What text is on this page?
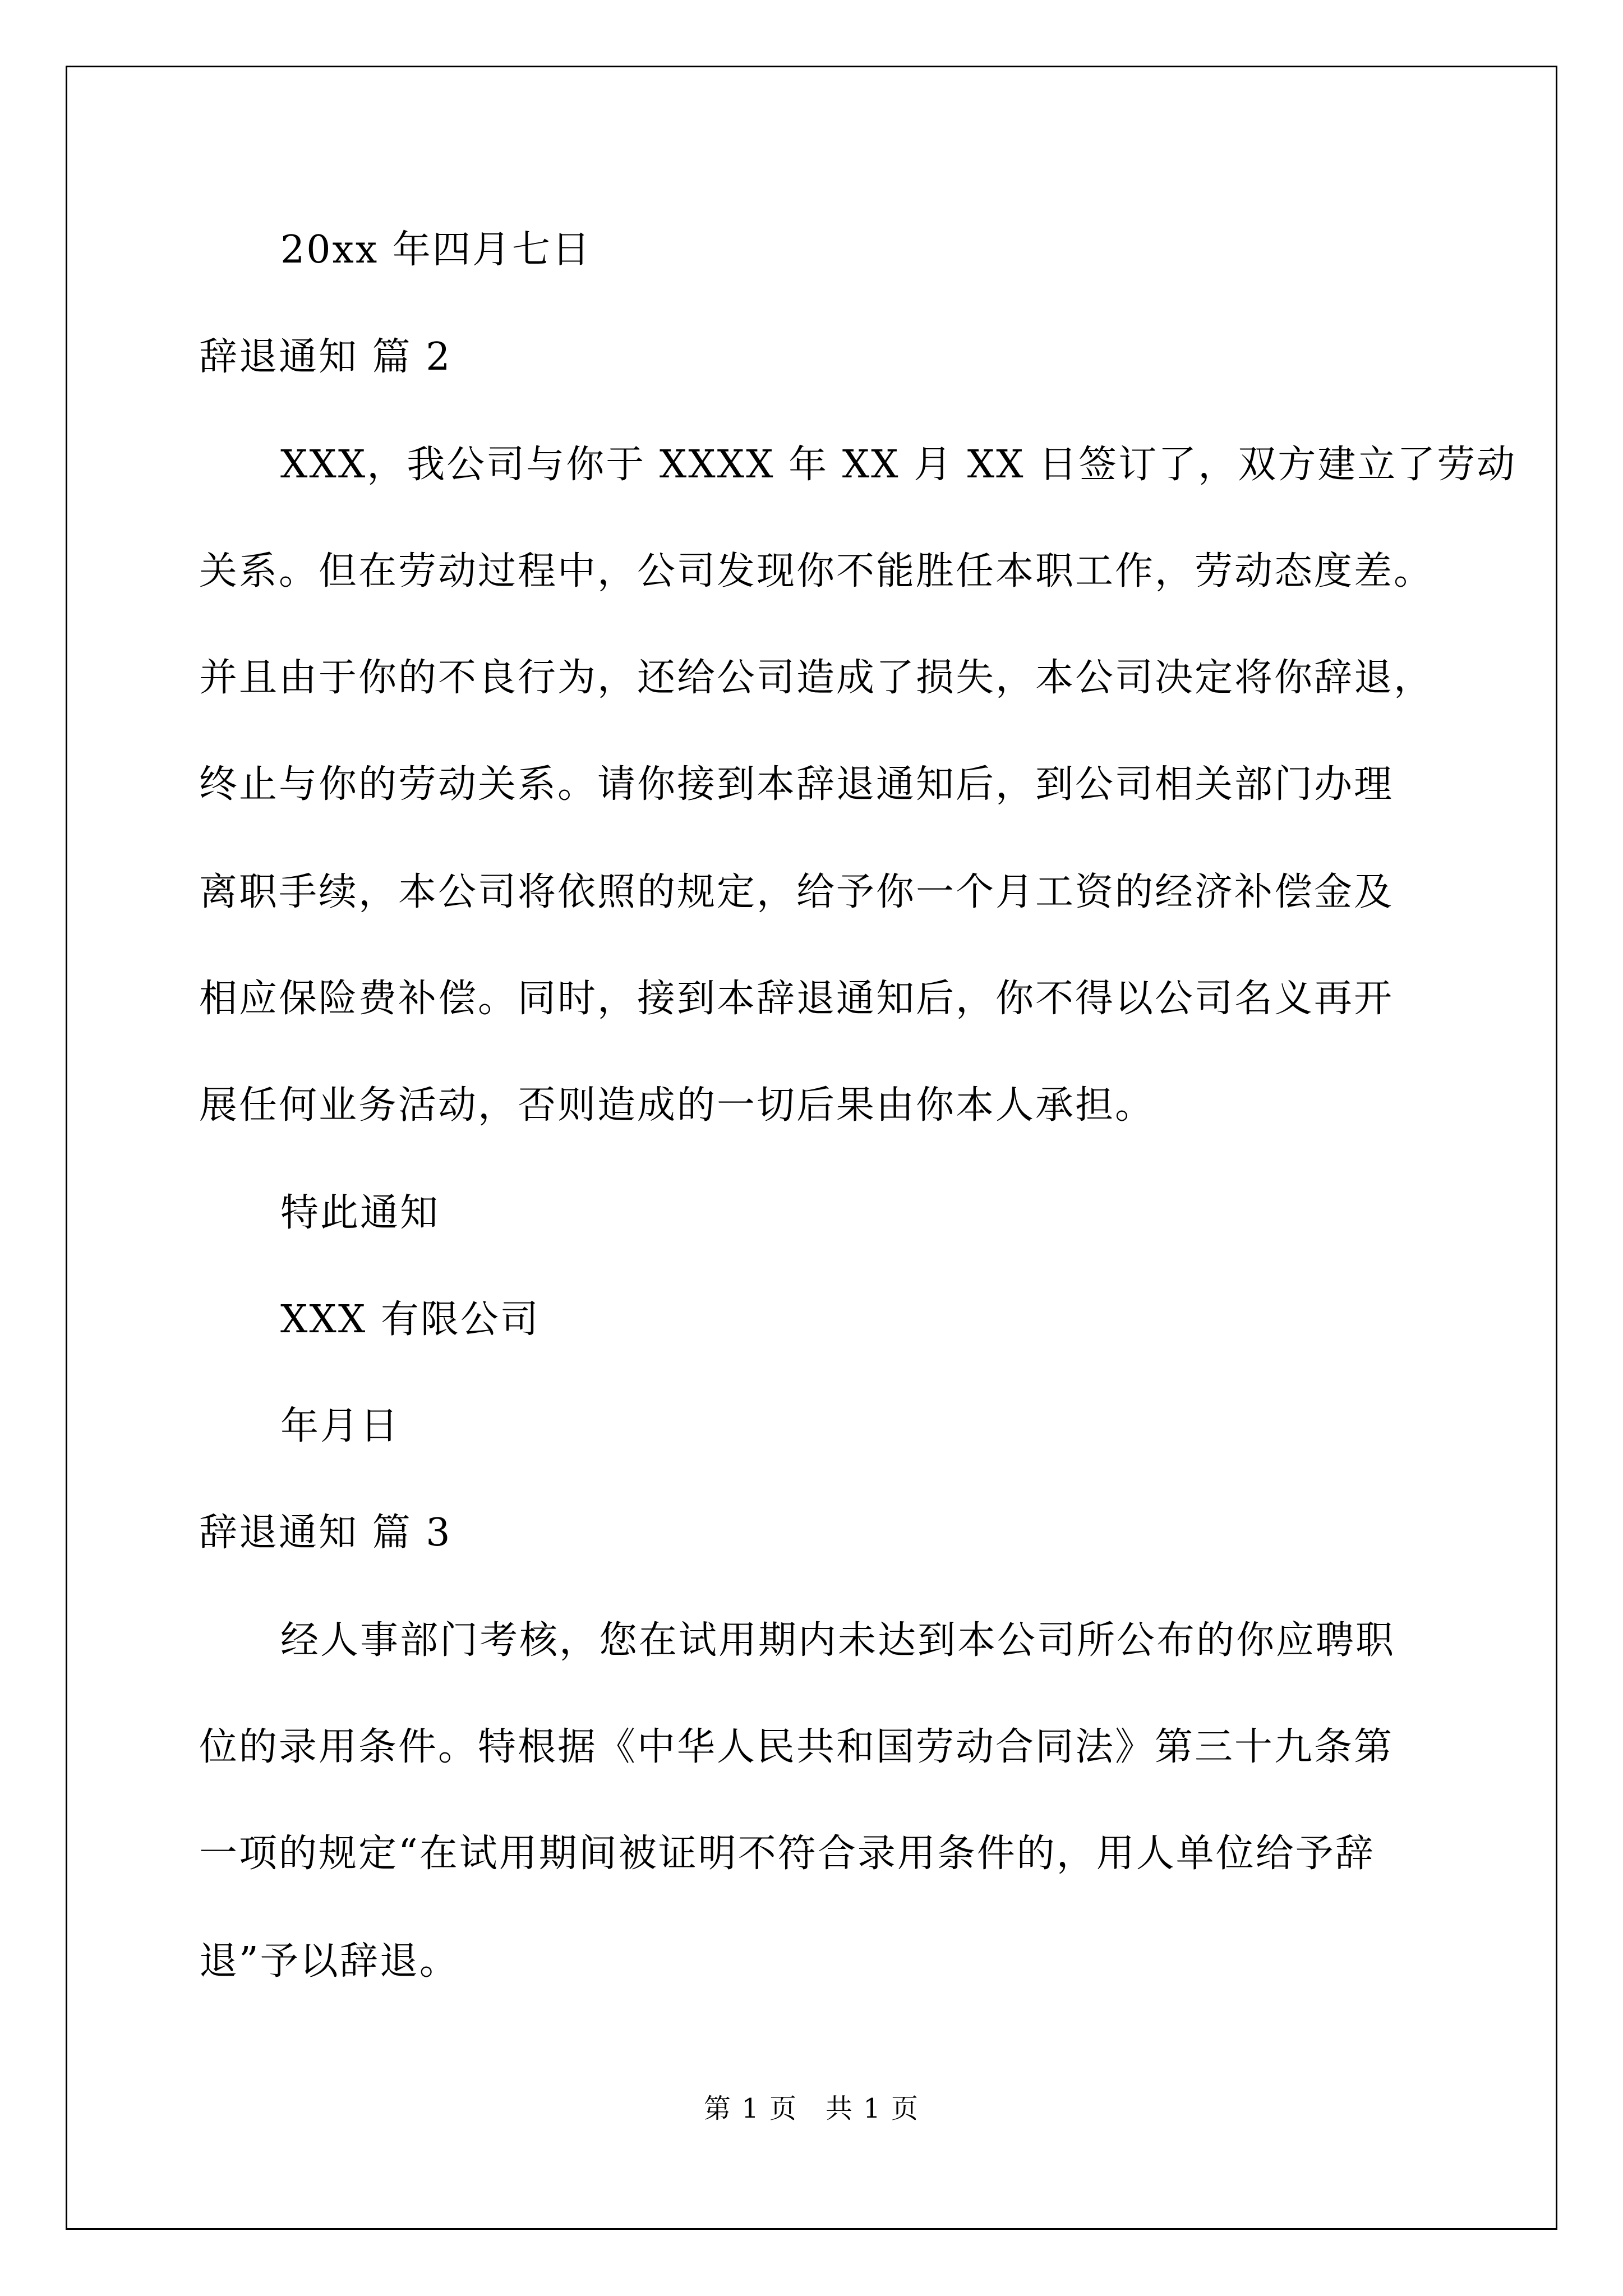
20xx 年四月七日
辞退通知 篇 2
XXX，我公司与你于 XXXX 年 XX 月 XX 日签订了，双方建立了劳动
关系。但在劳动过程中，公司发现你不能胜任本职工作，劳动态度差。
并且由于你的不良行为，还给公司造成了损失，本公司决定将你辞退，
终止与你的劳动关系。请你接到本辞退通知后，到公司相关部门办理
离职手续，本公司将依照的规定，给予你一个月工资的经济补偿金及
相应保险费补偿。同时，接到本辞退通知后，你不得以公司名义再开
展任何业务活动，否则造成的一切后果由你本人承担。
特此通知
XXX 有限公司
年月日
辞退通知 篇 3
经人事部门考核，您在试用期内未达到本公司所公布的你应聘职
位的录用条件。特根据《中华人民共和国劳动合同法》第三十九条第
一项的规定“在试用期间被证明不符合录用条件的，用人单位给予辞
退”予以辞退。
第 1 页　共 1 页
